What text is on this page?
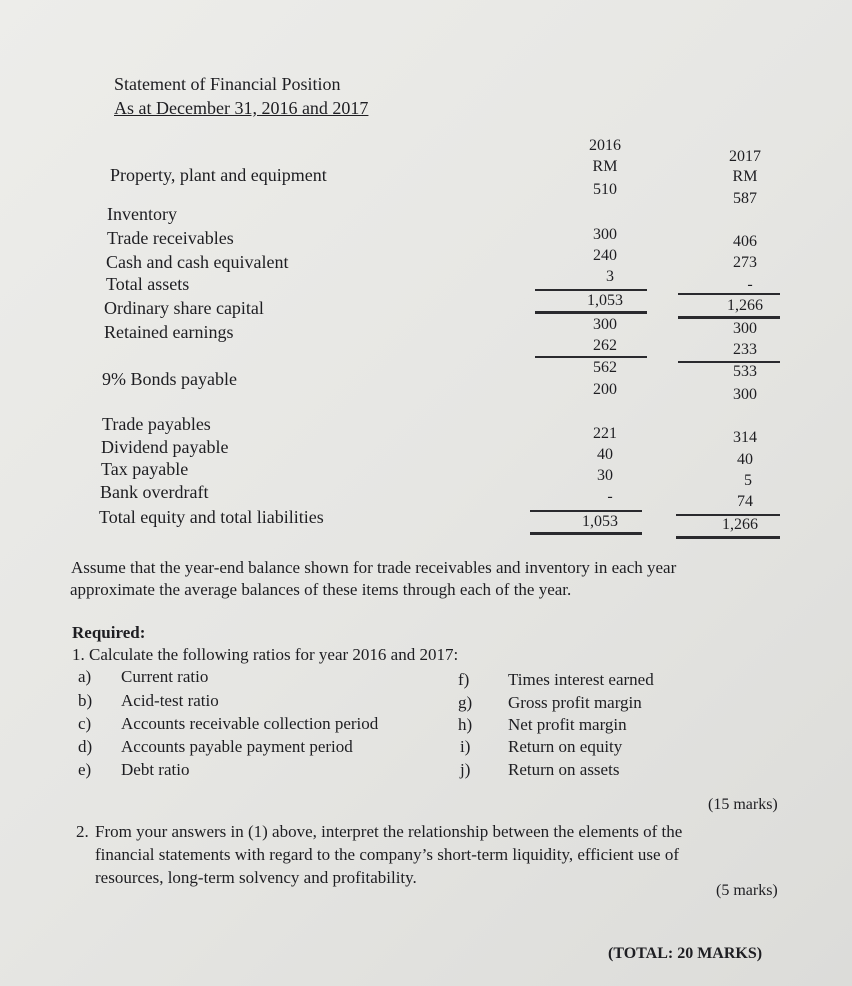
Statement of Financial Position
As at December 31, 2016 and 2017
2016
RM
2017
RM
Property, plant and equipment
510
587
Inventory
Trade receivables
Cash and cash equivalent
Total assets
300
240
3
1,053
406
273
-
1,266
Ordinary share capital
Retained earnings	300
262
562
300
233
533
9% Bonds payable
200	300
Trade payables
Dividend payable
Tax payable
Bank overdraft
Total equity and total liabilities
221
40
30
-
1,053
314
40
5
74
1,266
Assume that the year-end balance shown for trade receivables and inventory in each year
approximate the average balances of these items through each of the year.
Required:
1. Calculate the following ratios for year 2016 and 2017:
a) Current ratio
b) Acid-test ratio
c) Accounts receivable collection period
d) Accounts payable payment period
e) Debt ratio
f) Times interest earned
g) Gross profit margin
h) Net profit margin
i) Return on equity
j) Return on assets
(15 marks)
2. From your answers in (1) above, interpret the relationship between the elements of the
financial statements with regard to the company’s short-term liquidity, efficient use of
resources, long-term solvency and profitability.
(5 marks)
(TOTAL: 20 MARKS)
